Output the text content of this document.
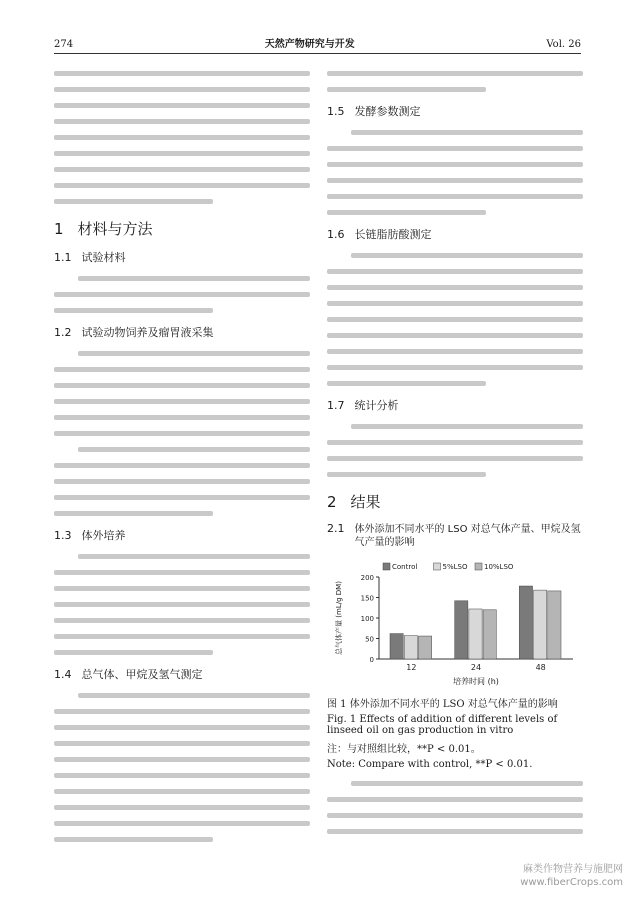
274	天然产物研究与开发	Vol. 26
1 材料与方法
1.1 试验材料
1.2 试验动物饲养及瘤胃液采集
1.3 体外培养
1.4 总气体、甲烷及氢气测定
1.5 发酵参数测定
1.6 长链脂肪酸测定
1.7 统计分析
2 结果
2.1 体外添加不同水平的 LSO 对总气体产量、甲烷及氢气产量的影响
0
50
100
150
200
总气体产量 (mL/g DM)
培养时间 (h)
12	24	48
Control	5%LSO 10%LSO
图 1 体外添加不同水平的 LSO 对总气体产量的影响
Fig. 1 Effects of addition of different levels of linseed oil on gas production in vitro
注：与对照组比较，**P < 0.01。
Note: Compare with control, **P < 0.01.
麻类作物营养与施肥网
www.fiberCrops.com
